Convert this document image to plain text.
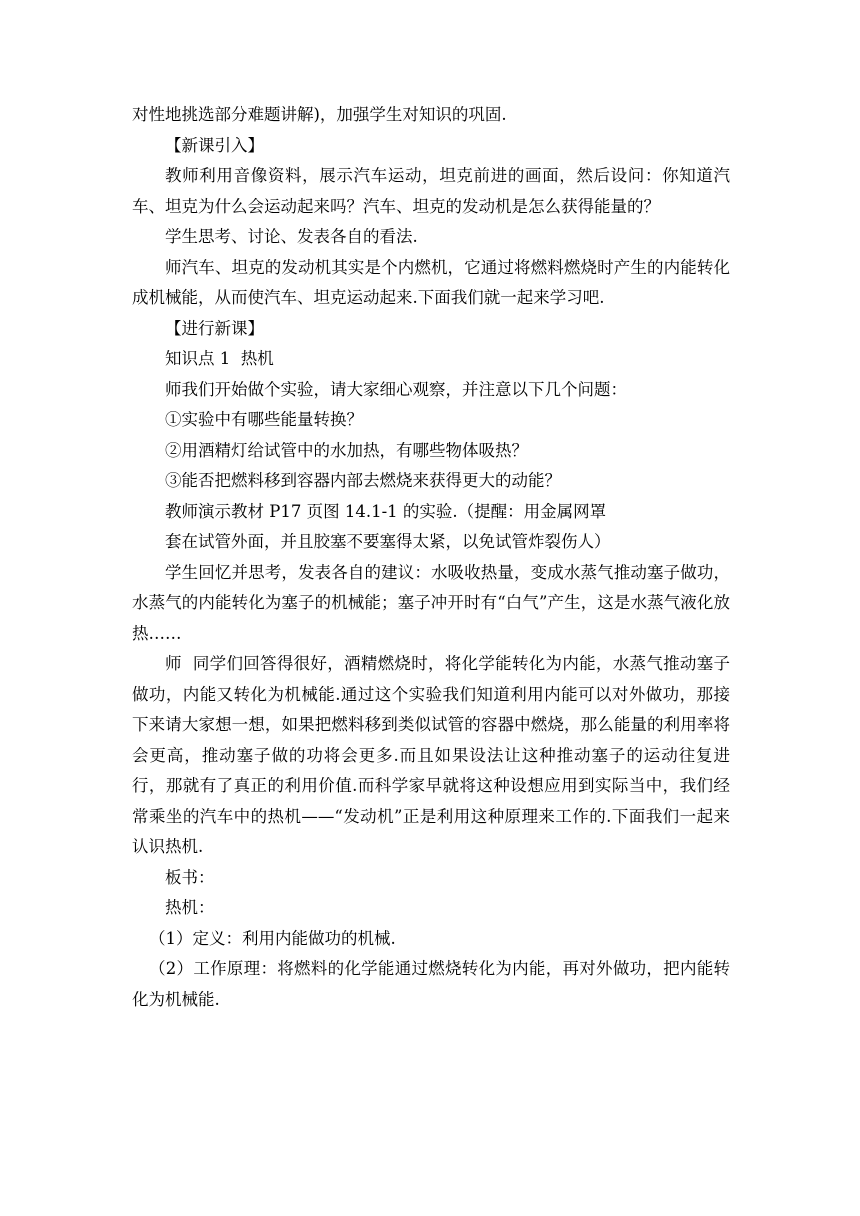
对性地挑选部分难题讲解)，加强学生对知识的巩固.

【新课引入】

教师利用音像资料，展示汽车运动，坦克前进的画面，然后设问：你知道汽车、坦克为什么会运动起来吗？汽车、坦克的发动机是怎么获得能量的？

学生思考、讨论、发表各自的看法.

师汽车、坦克的发动机其实是个内燃机，它通过将燃料燃烧时产生的内能转化成机械能，从而使汽车、坦克运动起来.下面我们就一起来学习吧.

【进行新课】

知识点 1  热机

师我们开始做个实验，请大家细心观察，并注意以下几个问题：

①实验中有哪些能量转换？

②用酒精灯给试管中的水加热，有哪些物体吸热？

③能否把燃料移到容器内部去燃烧来获得更大的动能？

教师演示教材 P17 页图 14.1-1 的实验.（提醒：用金属网罩

套在试管外面，并且胶塞不要塞得太紧，以免试管炸裂伤人）

学生回忆并思考，发表各自的建议：水吸收热量，变成水蒸气推动塞子做功，水蒸气的内能转化为塞子的机械能；塞子冲开时有“白气”产生，这是水蒸气液化放热……

师  同学们回答得很好，酒精燃烧时，将化学能转化为内能，水蒸气推动塞子做功，内能又转化为机械能.通过这个实验我们知道利用内能可以对外做功，那接下来请大家想一想，如果把燃料移到类似试管的容器中燃烧，那么能量的利用率将会更高，推动塞子做的功将会更多.而且如果设法让这种推动塞子的运动往复进行，那就有了真正的利用价值.而科学家早就将这种设想应用到实际当中，我们经常乘坐的汽车中的热机——“发动机”正是利用这种原理来工作的.下面我们一起来认识热机.

板书：

热机：

（1）定义：利用内能做功的机械.

（2）工作原理：将燃料的化学能通过燃烧转化为内能，再对外做功，把内能转化为机械能.
